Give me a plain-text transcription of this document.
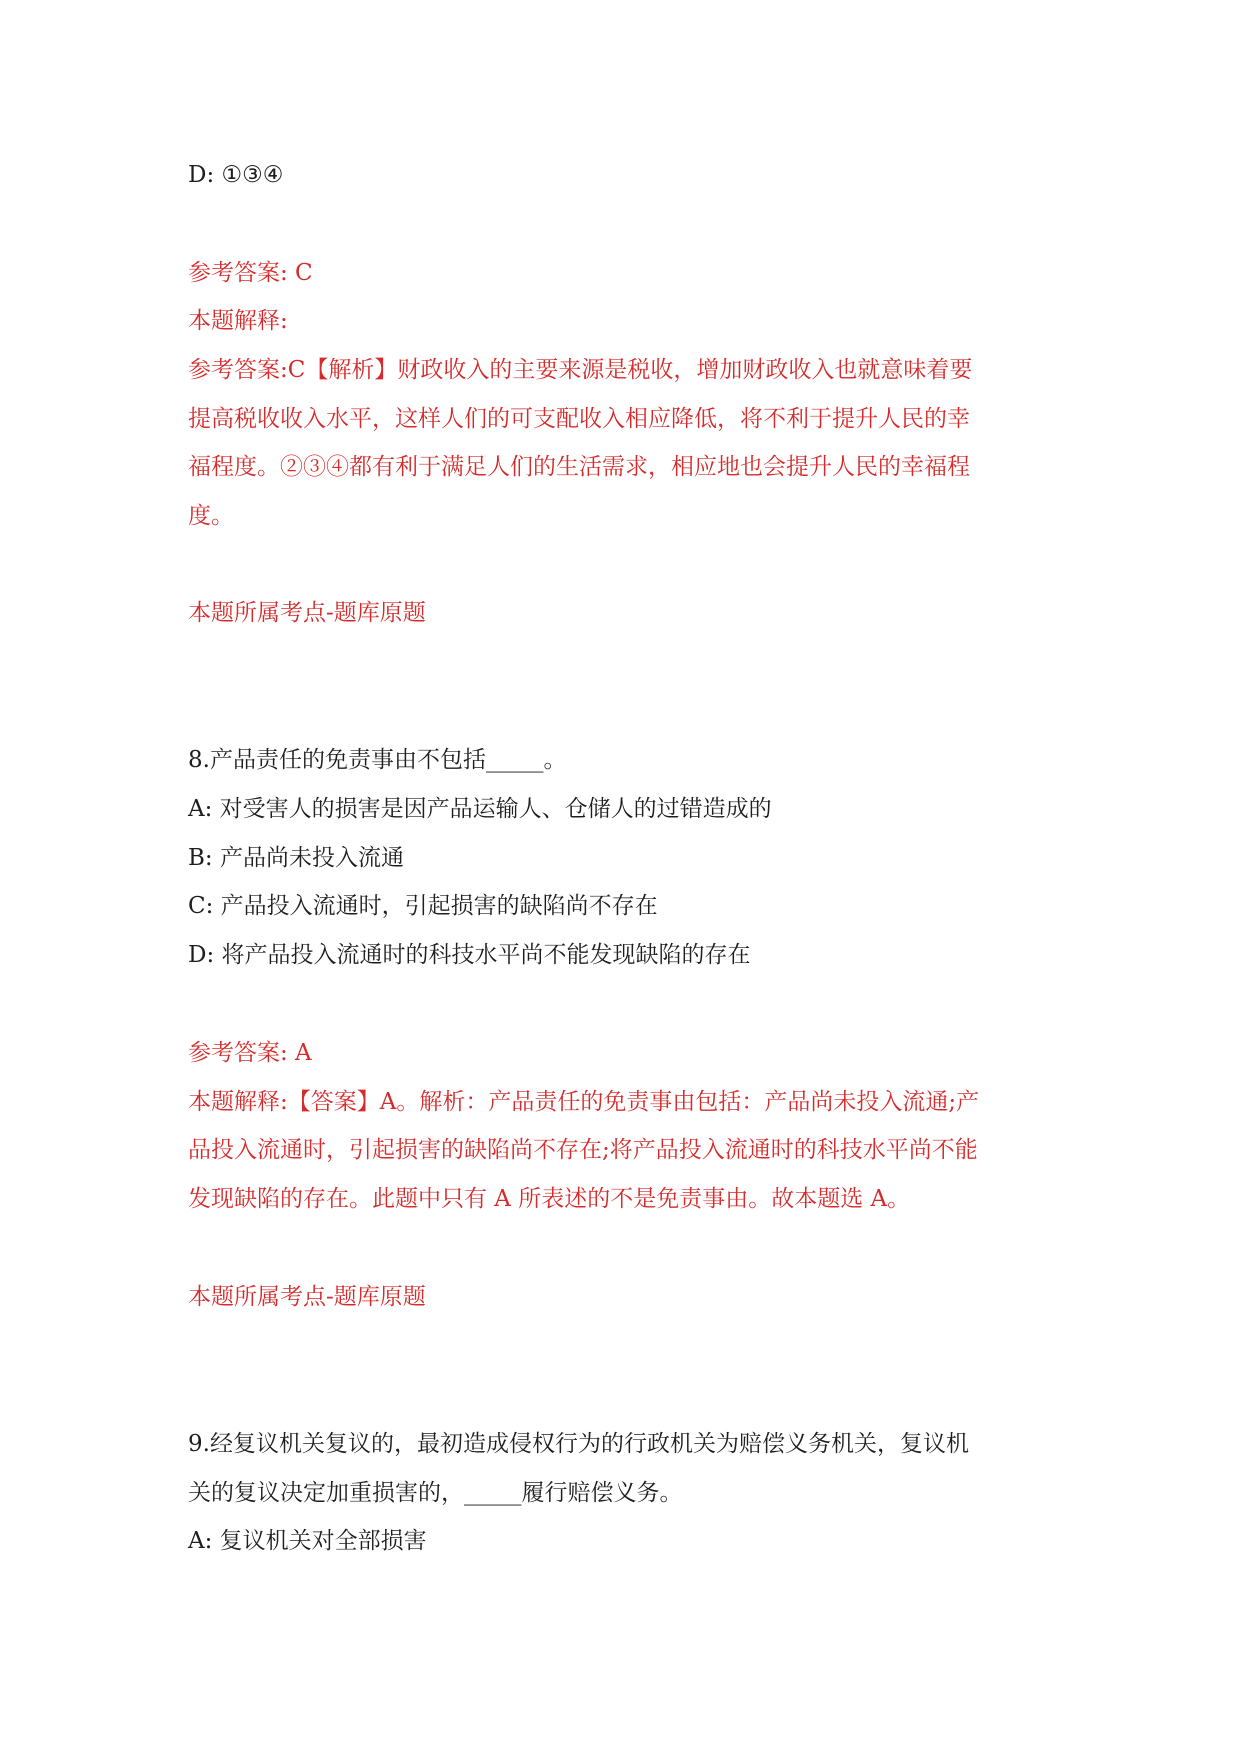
D: ①③④
参考答案: C
本题解释:
参考答案:C【解析】财政收入的主要来源是税收，增加财政收入也就意味着要
提高税收收入水平，这样人们的可支配收入相应降低，将不利于提升人民的幸
福程度。②③④都有利于满足人们的生活需求，相应地也会提升人民的幸福程
度。
本题所属考点-题库原题
8.产品责任的免责事由不包括_____。
A: 对受害人的损害是因产品运输人、仓储人的过错造成的
B: 产品尚未投入流通
C: 产品投入流通时，引起损害的缺陷尚不存在
D: 将产品投入流通时的科技水平尚不能发现缺陷的存在
参考答案: A
本题解释:【答案】A。解析：产品责任的免责事由包括：产品尚未投入流通;产
品投入流通时，引起损害的缺陷尚不存在;将产品投入流通时的科技水平尚不能
发现缺陷的存在。此题中只有 A 所表述的不是免责事由。故本题选 A。
本题所属考点-题库原题
9.经复议机关复议的，最初造成侵权行为的行政机关为赔偿义务机关，复议机
关的复议决定加重损害的，_____履行赔偿义务。
A: 复议机关对全部损害
